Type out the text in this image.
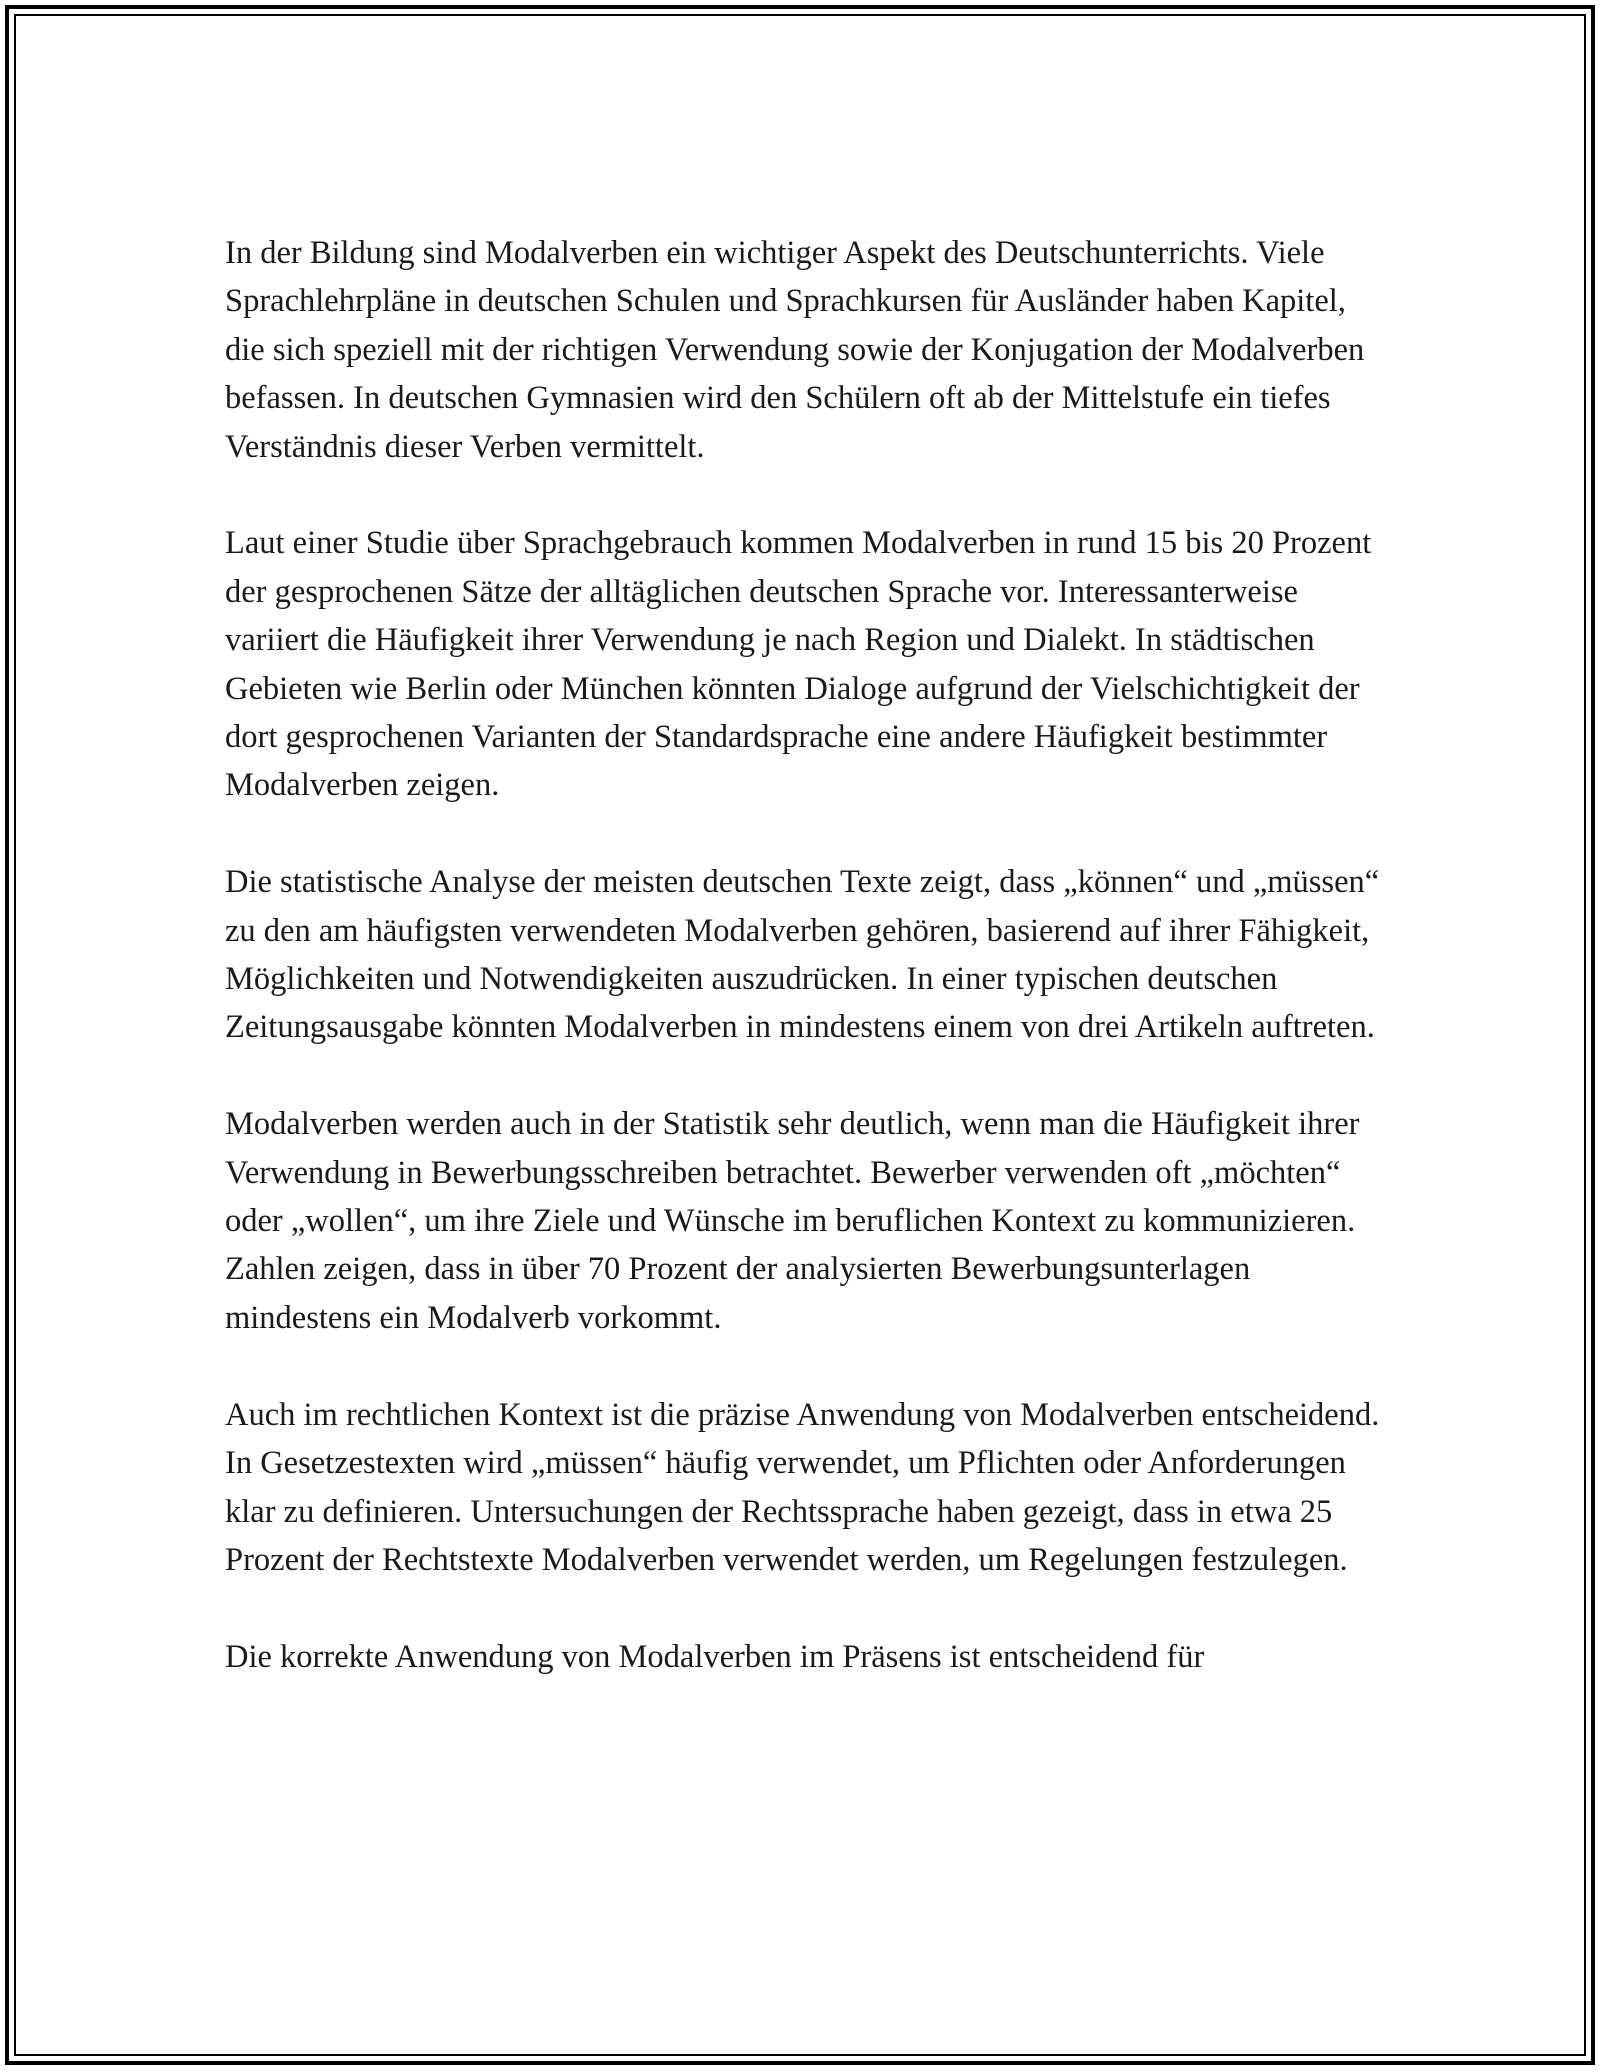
In der Bildung sind Modalverben ein wichtiger Aspekt des Deutschunterrichts. Viele Sprachlehrpläne in deutschen Schulen und Sprachkursen für Ausländer haben Kapitel, die sich speziell mit der richtigen Verwendung sowie der Konjugation der Modalverben befassen. In deutschen Gymnasien wird den Schülern oft ab der Mittelstufe ein tiefes Verständnis dieser Verben vermittelt.

Laut einer Studie über Sprachgebrauch kommen Modalverben in rund 15 bis 20 Prozent der gesprochenen Sätze der alltäglichen deutschen Sprache vor. Interessanterweise variiert die Häufigkeit ihrer Verwendung je nach Region und Dialekt. In städtischen Gebieten wie Berlin oder München könnten Dialoge aufgrund der Vielschichtigkeit der dort gesprochenen Varianten der Standardsprache eine andere Häufigkeit bestimmter Modalverben zeigen.

Die statistische Analyse der meisten deutschen Texte zeigt, dass „können“ und „müssen“ zu den am häufigsten verwendeten Modalverben gehören, basierend auf ihrer Fähigkeit, Möglichkeiten und Notwendigkeiten auszudrücken. In einer typischen deutschen Zeitungsausgabe könnten Modalverben in mindestens einem von drei Artikeln auftreten.

Modalverben werden auch in der Statistik sehr deutlich, wenn man die Häufigkeit ihrer Verwendung in Bewerbungsschreiben betrachtet. Bewerber verwenden oft „möchten“ oder „wollen“, um ihre Ziele und Wünsche im beruflichen Kontext zu kommunizieren. Zahlen zeigen, dass in über 70 Prozent der analysierten Bewerbungsunterlagen mindestens ein Modalverb vorkommt.

Auch im rechtlichen Kontext ist die präzise Anwendung von Modalverben entscheidend. In Gesetzestexten wird „müssen“ häufig verwendet, um Pflichten oder Anforderungen klar zu definieren. Untersuchungen der Rechtssprache haben gezeigt, dass in etwa 25 Prozent der Rechtstexte Modalverben verwendet werden, um Regelungen festzulegen.

Die korrekte Anwendung von Modalverben im Präsens ist entscheidend für
